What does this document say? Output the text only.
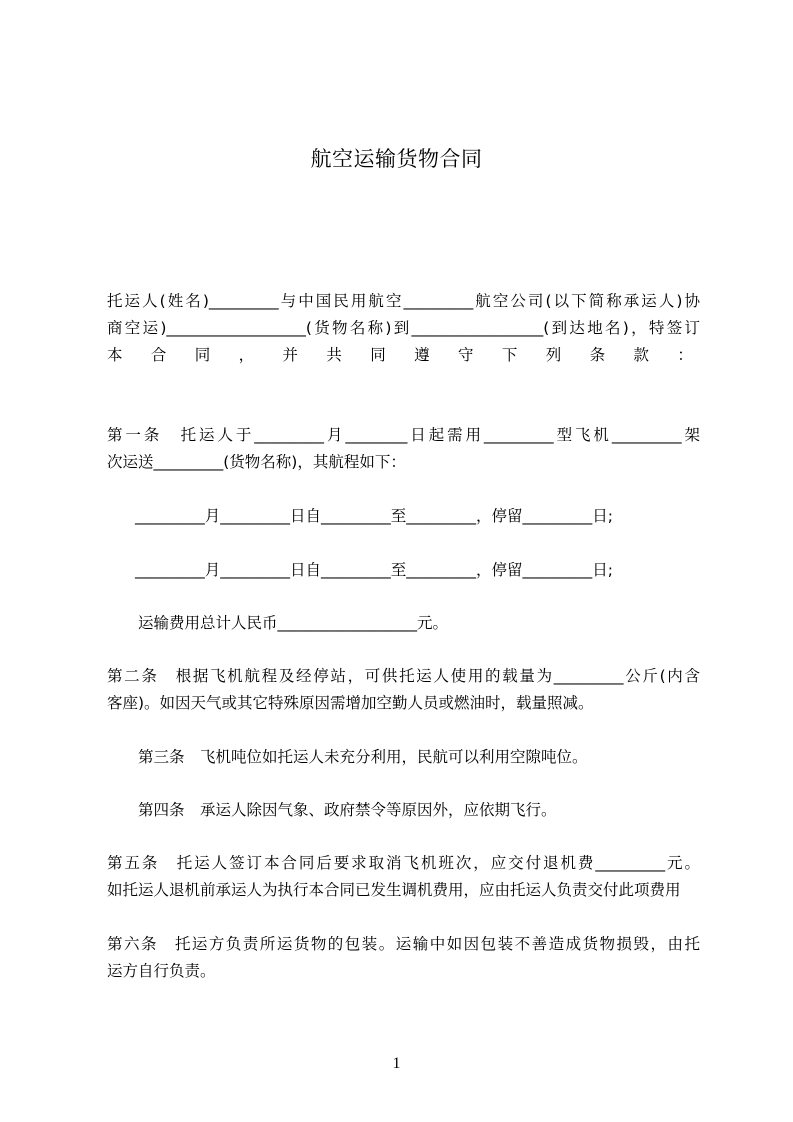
航空运输货物合同
托运人(姓名)_________与中国民用航空_________航空公司(以下简称承运人)协
商空运)__________________(货物名称)到_________________(到达地名)，特签订
本 合 同 ， 并 共 同 遵 守 下 列 条 款 ：
第一条　托运人于_________月________日起需用_________型飞机_________架
次运送_________(货物名称)，其航程如下：
_________月_________日自_________至_________，停留_________日;
_________月_________日自_________至_________，停留_________日;
运输费用总计人民币__________________元。
第二条　根据飞机航程及经停站，可供托运人使用的载量为_________公斤(内含
客座)。如因天气或其它特殊原因需增加空勤人员或燃油时，载量照减。
第三条　飞机吨位如托运人未充分利用，民航可以利用空隙吨位。
第四条　承运人除因气象、政府禁令等原因外，应依期飞行。
第五条　托运人签订本合同后要求取消飞机班次，应交付退机费_________元。
如托运人退机前承运人为执行本合同已发生调机费用，应由托运人负责交付此项费用
第六条　托运方负责所运货物的包装。运输中如因包装不善造成货物损毁，由托
运方自行负责。
1
